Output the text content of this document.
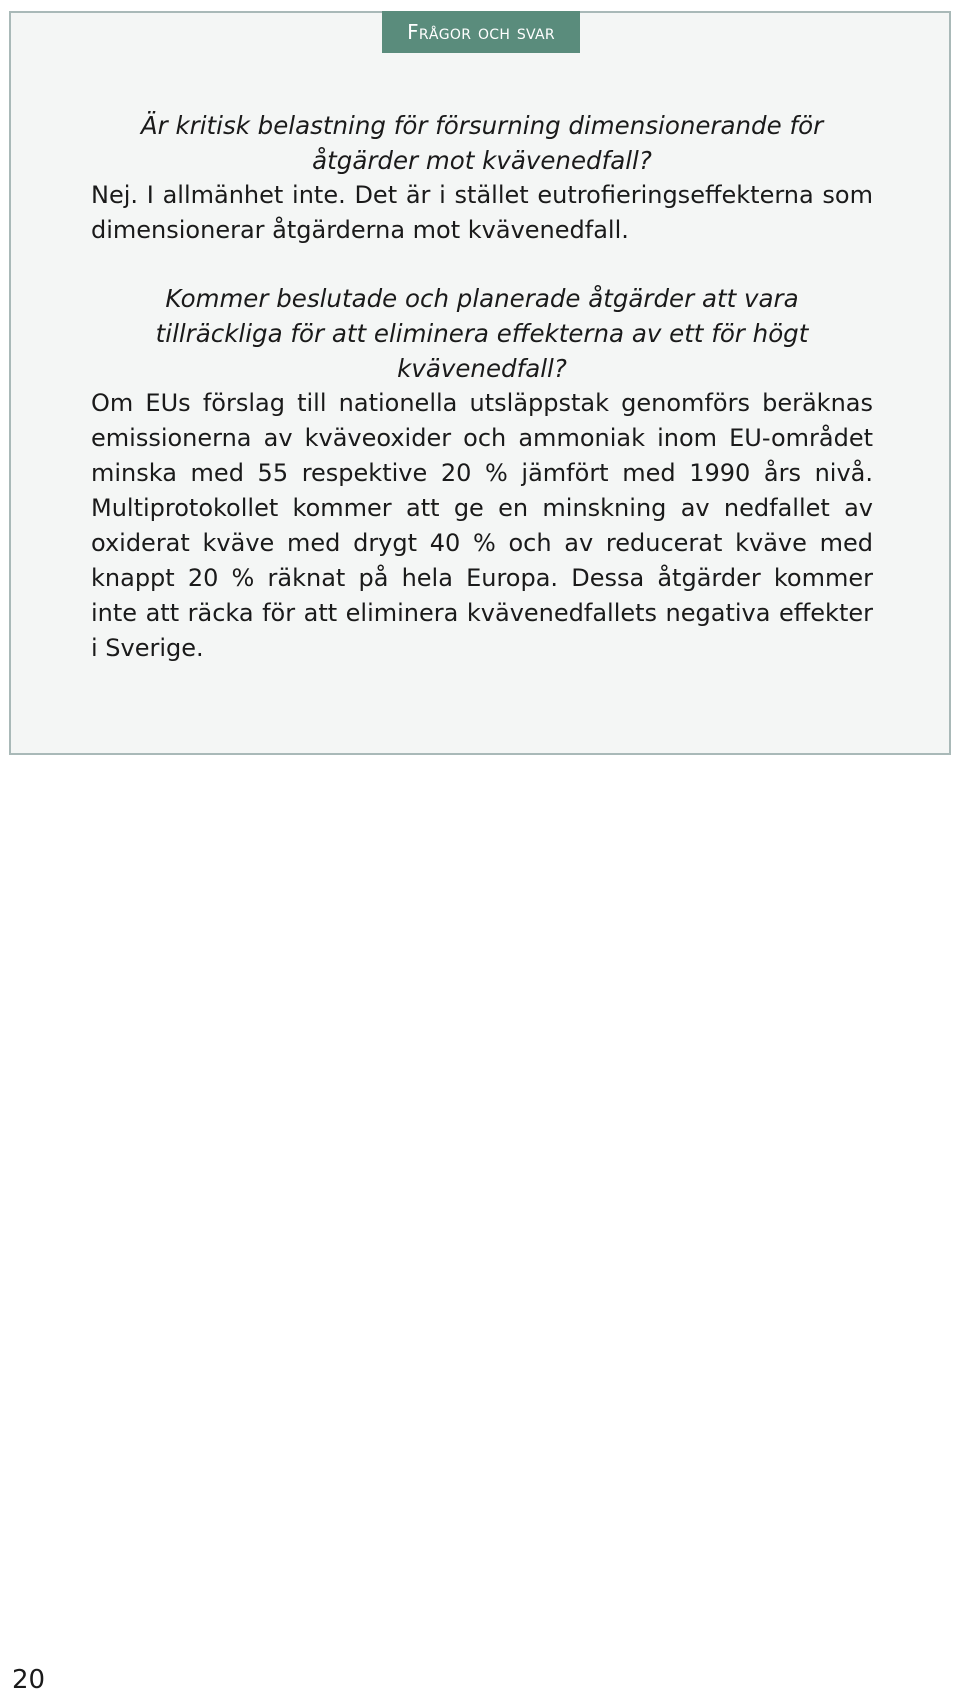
Frågor och svar

Är kritisk belastning för försurning dimensionerande för åtgärder mot kvävenedfall?

Nej. I allmänhet inte. Det är i stället eutrofieringseffekterna som dimensionerar åtgärderna mot kvävenedfall.

Kommer beslutade och planerade åtgärder att vara tillräckliga för att eliminera effekterna av ett för högt kvävenedfall?

Om EUs förslag till nationella utsläppstak genomförs beräknas emissionerna av kväveoxider och ammoniak inom EU-området minska med 55 respektive 20 % jämfört med 1990 års nivå. Multiprotokollet kommer att ge en minskning av nedfallet av oxiderat kväve med drygt 40 % och av reducerat kväve med knappt 20 % räknat på hela Europa. Dessa åtgärder kommer inte att räcka för att eliminera kvävenedfallets negativa effekter i Sverige.

20
